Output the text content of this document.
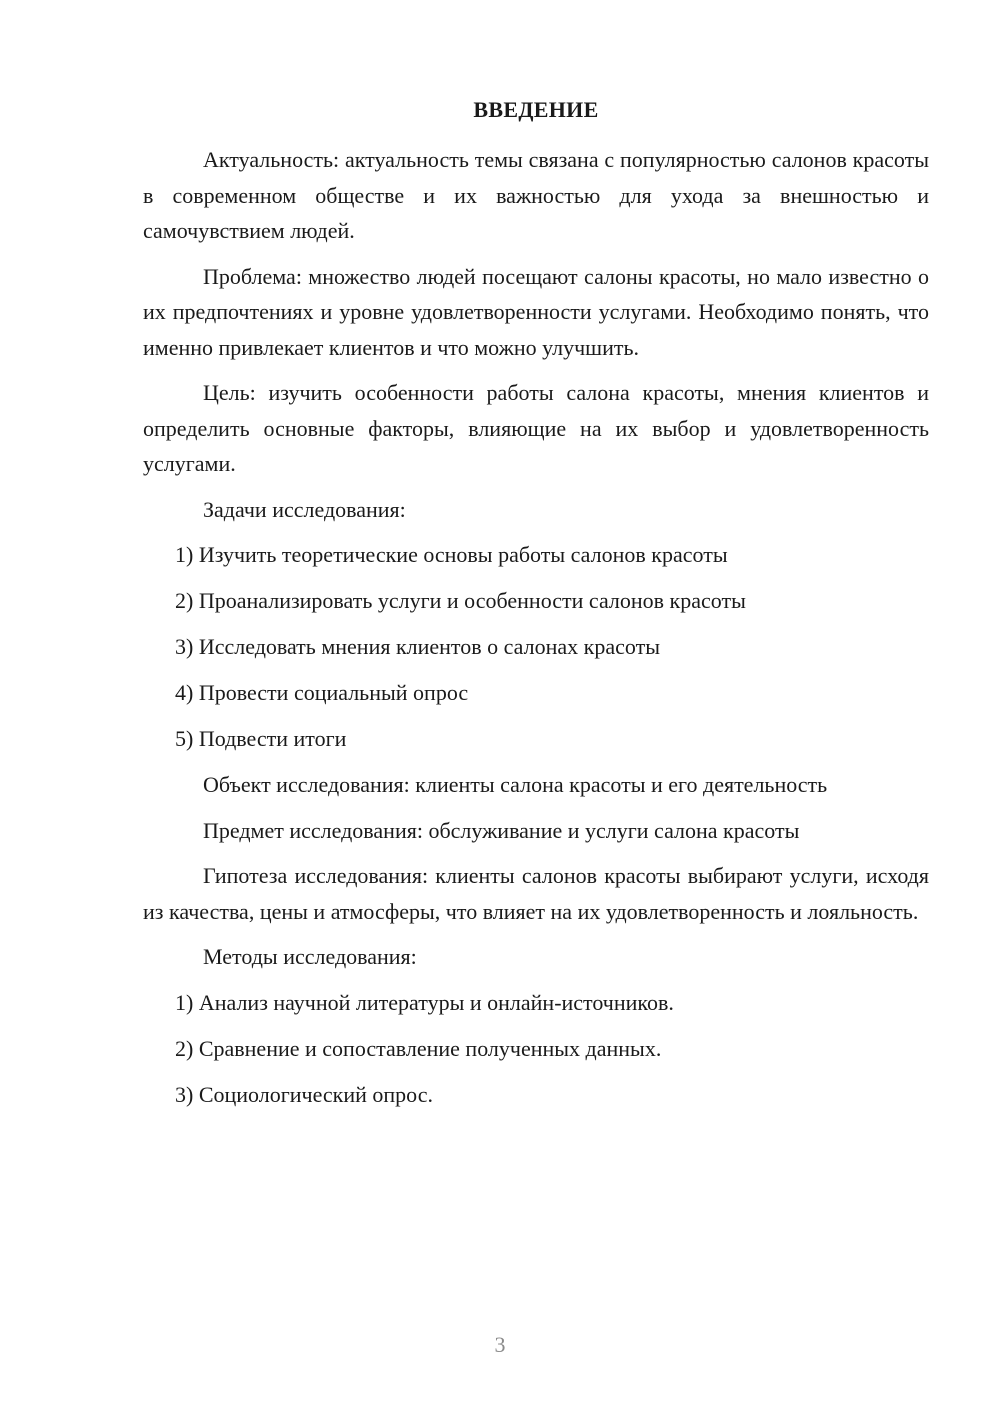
ВВЕДЕНИЕ

Актуальность: актуальность темы связана с популярностью салонов красоты в современном обществе и их важностью для ухода за внешностью и самочувствием людей.

Проблема: множество людей посещают салоны красоты, но мало известно о их предпочтениях и уровне удовлетворенности услугами. Необходимо понять, что именно привлекает клиентов и что можно улучшить.

Цель: изучить особенности работы салона красоты, мнения клиентов и определить основные факторы, влияющие на их выбор и удовлетворенность услугами.

Задачи исследования:

1) Изучить теоретические основы работы салонов красоты

2) Проанализировать услуги и особенности салонов красоты

3) Исследовать мнения клиентов о салонах красоты

4) Провести социальный опрос

5) Подвести итоги

Объект исследования: клиенты салона красоты и его деятельность

Предмет исследования: обслуживание и услуги салона красоты

Гипотеза исследования: клиенты салонов красоты выбирают услуги, исходя из качества, цены и атмосферы, что влияет на их удовлетворенность и лояльность.

Методы исследования:

1) Анализ научной литературы и онлайн-источников.

2) Сравнение и сопоставление полученных данных.

3) Социологический опрос.

3
